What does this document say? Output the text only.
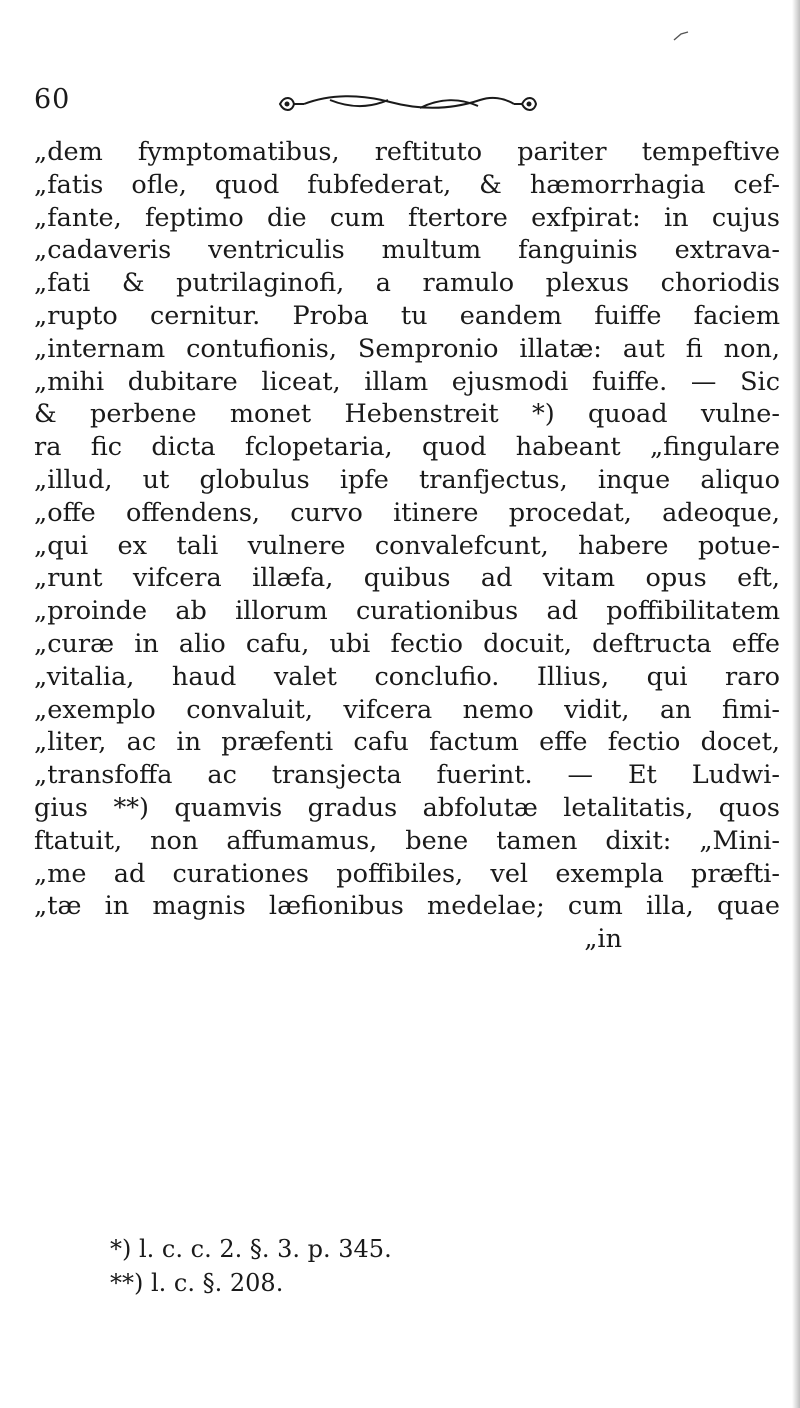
60
„dem fymptomatibus, reftituto pariter tempeftive
„fatis ofle, quod fubfederat, & hæmorrhagia cef-
„fante, feptimo die cum ftertore exfpirat: in cujus
„cadaveris ventriculis multum fanguinis extrava-
„fati & putrilaginofi, a ramulo plexus choriodis
„rupto cernitur. Proba tu eandem fuiffe faciem
„internam contufionis, Sempronio illatæ: aut fi non,
„mihi dubitare liceat, illam ejusmodi fuiffe. — Sic
& perbene monet Hebenstreit *) quoad vulne-
ra fic dicta fclopetaria, quod habeant „fingulare
„illud, ut globulus ipfe tranfjectus, inque aliquo
„offe offendens, curvo itinere procedat, adeoque,
„qui ex tali vulnere convalefcunt, habere potue-
„runt vifcera illæfa, quibus ad vitam opus eft,
„proinde ab illorum curationibus ad poffibilitatem
„curæ in alio cafu, ubi fectio docuit, deftructa effe
„vitalia, haud valet conclufio. Illius, qui raro
„exemplo convaluit, vifcera nemo vidit, an fimi-
„liter, ac in præfenti cafu factum effe fectio docet,
„transfoffa ac transjecta fuerint. — Et Ludwi-
gius **) quamvis gradus abfolutæ letalitatis, quos
ftatuit, non affumamus, bene tamen dixit: „Mini-
„me ad curationes poffibiles, vel exempla præfti-
„tæ in magnis læfionibus medelae; cum illa, quae
„in
*) l. c. c. 2. §. 3. p. 345.
**) l. c. §. 208.
